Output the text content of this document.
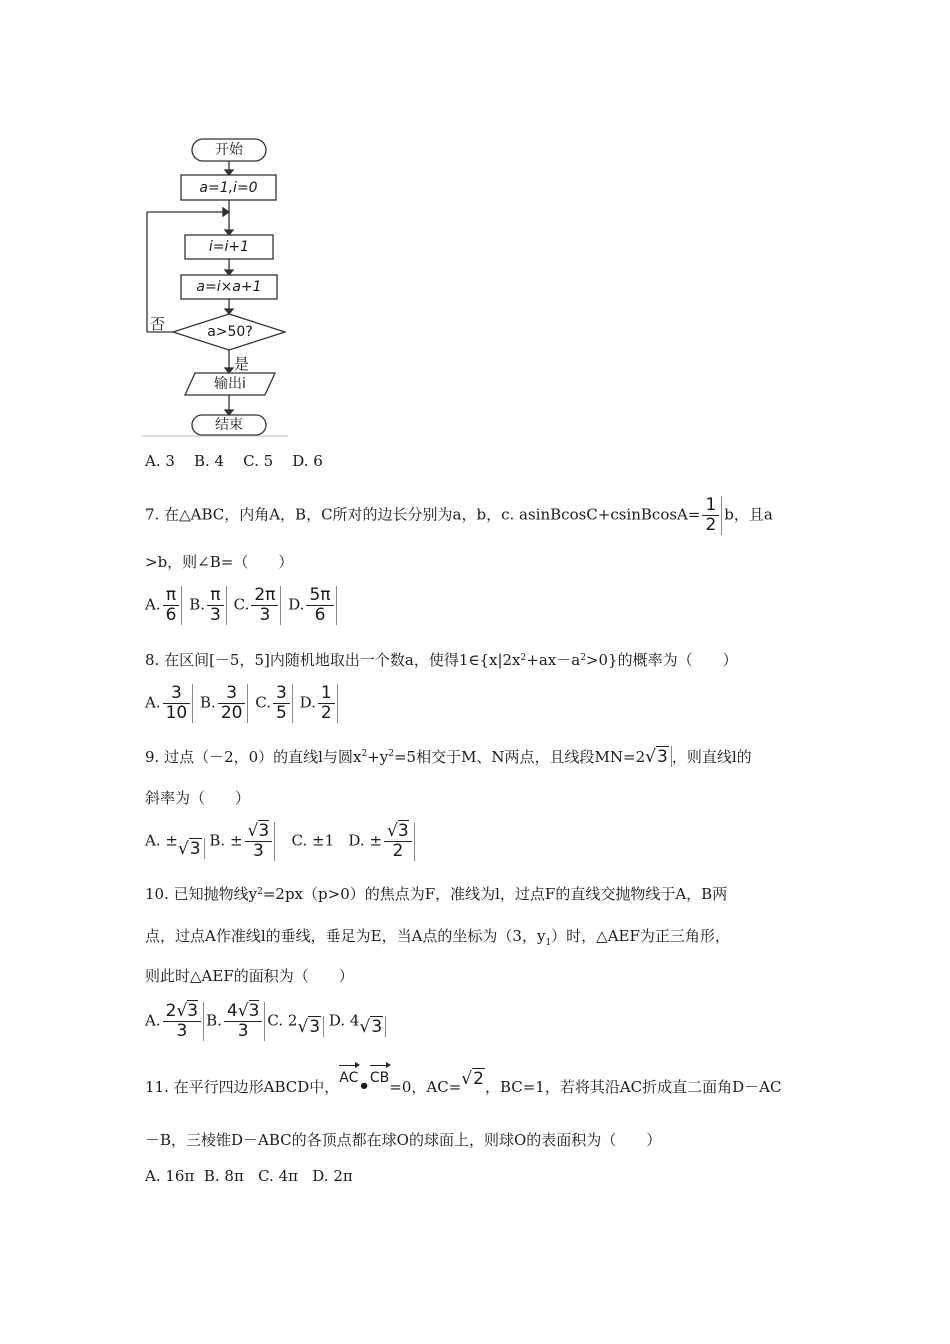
开始
a=1,i=0
i=i+1
a=i×a+1
a>50?
否
是
输出i
结束
A. 3    B. 4    C. 5    D. 6
7. 在△ABC，内角A，B，C所对的边长分别为a，b，c. asinBcosC+csinBcosA= $\frac{1}{2}$ b，且a
>b，则∠B=（　　）
A. $\frac{\pi}{6} B$. $\frac{\pi}{3} C$. $\frac{2\pi}{3} D$. $\frac{5\pi}{6}$
8. 在区间[－5，5]内随机地取出一个数a，使得$1\in\{x|2x^2+ax-a^2>0\}$的概率为（　　）
A. $\frac{3}{10} B$. $\frac{3}{20} C$. $\frac{3}{5} D$. $\frac{1}{2}$
9. 过点（－2，0）的直线l与圆$x^2+y^2=5$相交于M、N两点，且线段MN=2√3 ，则直线l的
斜率为（　　）
A. ±√3 B. ± $\frac{√3}{3} C$. ±1 D. ± $\frac{√3}{2}$
10. 已知抛物线$y^2=2px(p>0)$的焦点为F，准线为l，过点F的直线交抛物线于A，B两
点，过点A作准线l的垂线，垂足为E，当A点的坐标为（3，$y_1$）时，△AEF为正三角形，
则此时△AEF的面积为（　　）
A. $\frac{2√3}{3} B$. $\frac{4√3}{3} C$. 2√3 D. 4√3
11. 在平行四边形ABCD中，AC•CB=0，AC=√2，BC=1，若将其沿AC折成直二面角D－AC
－B，三棱锥D－ABC的各顶点都在球O的球面上，则球O的表面积为（　　）
A. 16π  B. 8π   C. 4π   D. 2π
